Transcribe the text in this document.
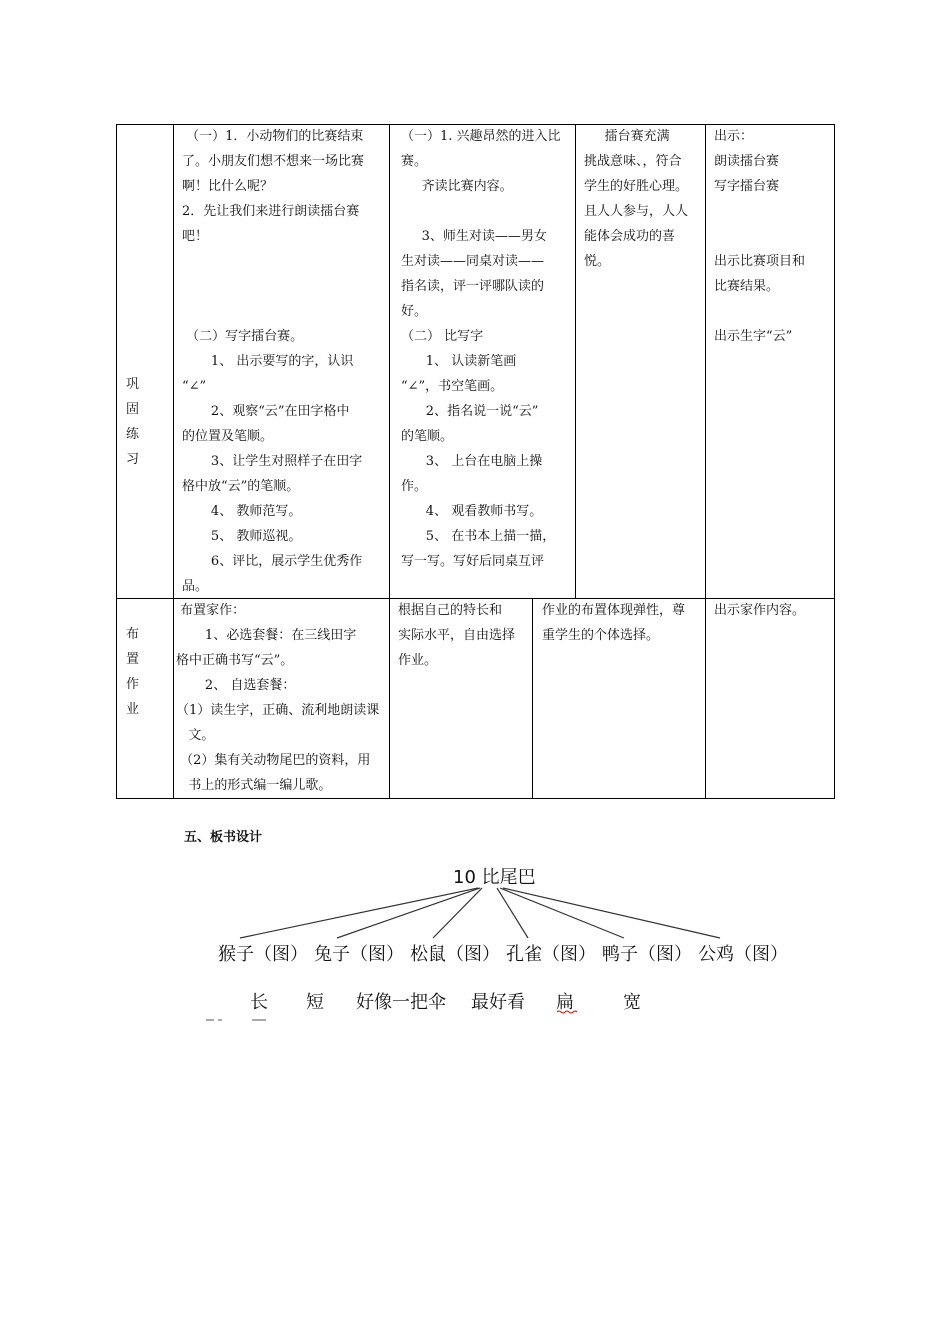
巩
固
练
习
（一）1．小动物们的比赛结束
了。小朋友们想不想来一场比赛
啊！比什么呢？
2．先让我们来进行朗读擂台赛
吧！

（二）写字擂台赛。
1、 出示要写的字，认识
“∠”
2、观察“云”在田字格中
的位置及笔顺。
3、让学生对照样子在田字
格中放“云”的笔顺。
4、 教师范写。
5、 教师巡视。
6、评比，展示学生优秀作
品。
（一）1. 兴趣昂然的进入比
赛。
齐读比赛内容。

3、师生对读——男女
生对读——同桌对读——
指名读，评一评哪队读的
好。
（二） 比写字
1、 认读新笔画
“∠”，书空笔画。
2、指名说一说“云”
的笔顺。
3、 上台在电脑上操
作。
4、 观看教师书写。
5、 在书本上描一描，
写一写。写好后同桌互评
擂台赛充满
挑战意味、，符合
学生的好胜心理。
且人人参与，人人
能体会成功的喜
悦。
出示：
朗读擂台赛
写字擂台赛

出示比赛项目和
比赛结果。

出示生字“云”
布
置
作
业
布置家作：
1、必选套餐：在三线田字
格中正确书写“云”。
2、 自选套餐：
（1）读生字，正确、流利地朗读课
文。
（2）集有关动物尾巴的资料，用
书上的形式编一编儿歌。
根据自己的特长和
实际水平，自由选择
作业。
作业的布置体现弹性，尊
重学生的个体选择。
出示家作内容。
五、板书设计
10 比尾巴
猴子（图） 兔子（图） 松鼠（图） 孔雀（图） 鸭子（图） 公鸡（图）
长 短 好像一把伞 最好看 扁	宽
